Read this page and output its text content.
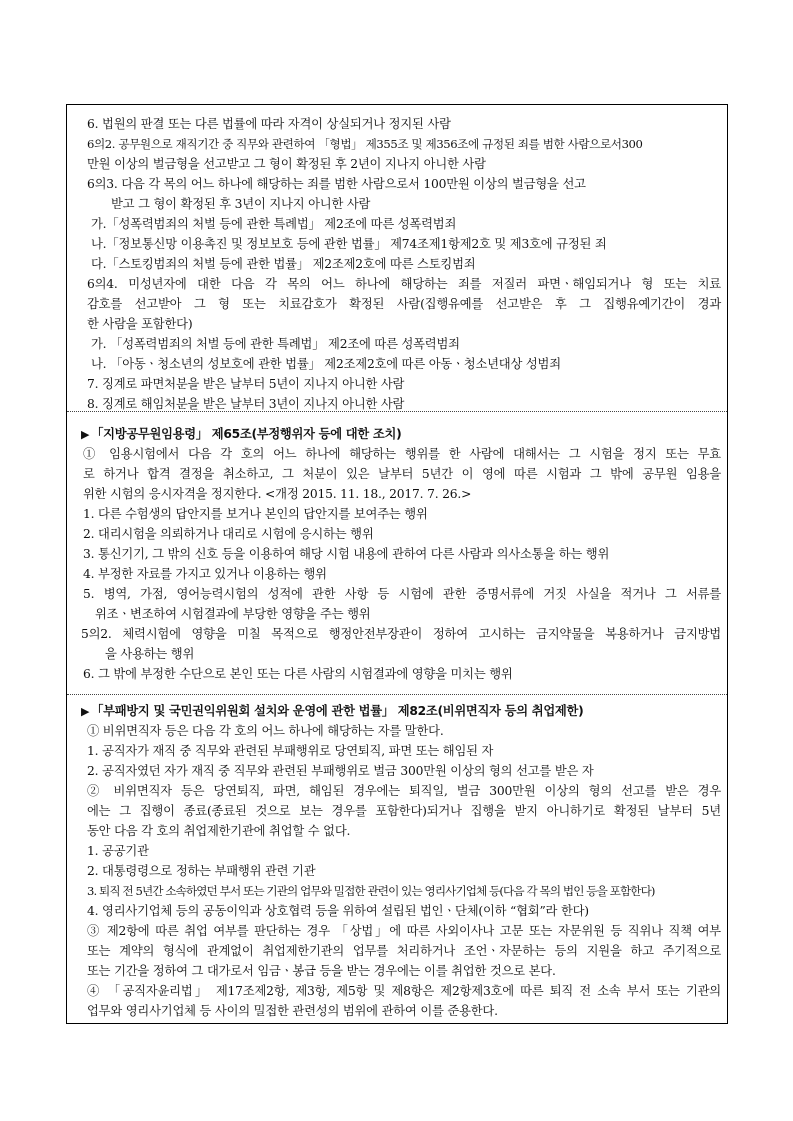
6. 법원의 판결 또는 다른 법률에 따라 자격이 상실되거나 정지된 사람
6의2. 공무원으로 재직기간 중 직무와 관련하여 「형법」 제355조 및 제356조에 규정된 죄를 범한 사람으로서300
만원 이상의 벌금형을 선고받고 그 형이 확정된 후 2년이 지나지 아니한 사람
6의3. 다음 각 목의 어느 하나에 해당하는 죄를 범한 사람으로서 100만원 이상의 벌금형을 선고
받고 그 형이 확정된 후 3년이 지나지 아니한 사람
가.「성폭력범죄의 처벌 등에 관한 특례법」 제2조에 따른 성폭력범죄
나.「정보통신망 이용촉진 및 정보보호 등에 관한 법률」 제74조제1항제2호 및 제3호에 규정된 죄
다.「스토킹범죄의 처벌 등에 관한 법률」 제2조제2호에 따른 스토킹범죄
6의4. 미성년자에 대한 다음 각 목의 어느 하나에 해당하는 죄를 저질러 파면ㆍ해임되거나 형 또는 치료
감호를 선고받아 그 형 또는 치료감호가 확정된 사람(집행유예를 선고받은 후 그 집행유예기간이 경과
한 사람을 포함한다)
가. 「성폭력범죄의 처벌 등에 관한 특례법」 제2조에 따른 성폭력범죄
나. 「아동ㆍ청소년의 성보호에 관한 법률」 제2조제2호에 따른 아동ㆍ청소년대상 성범죄
7. 징계로 파면처분을 받은 날부터 5년이 지나지 아니한 사람
8. 징계로 해임처분을 받은 날부터 3년이 지나지 아니한 사람
▶ 「지방공무원임용령」 제65조(부정행위자 등에 대한 조치)
① 임용시험에서 다음 각 호의 어느 하나에 해당하는 행위를 한 사람에 대해서는 그 시험을 정지 또는 무효
로 하거나 합격 결정을 취소하고, 그 처분이 있은 날부터 5년간 이 영에 따른 시험과 그 밖에 공무원 임용을
위한 시험의 응시자격을 정지한다. <개정 2015. 11. 18., 2017. 7. 26.>
1. 다른 수험생의 답안지를 보거나 본인의 답안지를 보여주는 행위
2. 대리시험을 의뢰하거나 대리로 시험에 응시하는 행위
3. 통신기기, 그 밖의 신호 등을 이용하여 해당 시험 내용에 관하여 다른 사람과 의사소통을 하는 행위
4. 부정한 자료를 가지고 있거나 이용하는 행위
5. 병역, 가점, 영어능력시험의 성적에 관한 사항 등 시험에 관한 증명서류에 거짓 사실을 적거나 그 서류를
위조ㆍ변조하여 시험결과에 부당한 영향을 주는 행위
5의2. 체력시험에 영향을 미칠 목적으로 행정안전부장관이 정하여 고시하는 금지약물을 복용하거나 금지방법
을 사용하는 행위
6. 그 밖에 부정한 수단으로 본인 또는 다른 사람의 시험결과에 영향을 미치는 행위
▶ 「부패방지 및 국민권익위원회 설치와 운영에 관한 법률」 제82조(비위면직자 등의 취업제한)
① 비위면직자 등은 다음 각 호의 어느 하나에 해당하는 자를 말한다.
1. 공직자가 재직 중 직무와 관련된 부패행위로 당연퇴직, 파면 또는 해임된 자
2. 공직자였던 자가 재직 중 직무와 관련된 부패행위로 벌금 300만원 이상의 형의 선고를 받은 자
② 비위면직자 등은 당연퇴직, 파면, 해임된 경우에는 퇴직일, 벌금 300만원 이상의 형의 선고를 받은 경우
에는 그 집행이 종료(종료된 것으로 보는 경우를 포함한다)되거나 집행을 받지 아니하기로 확정된 날부터 5년
동안 다음 각 호의 취업제한기관에 취업할 수 없다.
1. 공공기관
2. 대통령령으로 정하는 부패행위 관련 기관
3. 퇴직 전 5년간 소속하였던 부서 또는 기관의 업무와 밀접한 관련이 있는 영리사기업체 등(다음 각 목의 법인 등을 포함한다)
4. 영리사기업체 등의 공동이익과 상호협력 등을 위하여 설립된 법인ㆍ단체(이하 “협회”라 한다)
③ 제2항에 따른 취업 여부를 판단하는 경우 「상법」에 따른 사외이사나 고문 또는 자문위원 등 직위나 직책 여부
또는 계약의 형식에 관계없이 취업제한기관의 업무를 처리하거나 조언ㆍ자문하는 등의 지원을 하고 주기적으로
또는 기간을 정하여 그 대가로서 임금ㆍ봉급 등을 받는 경우에는 이를 취업한 것으로 본다.
④ 「공직자윤리법」 제17조제2항, 제3항, 제5항 및 제8항은 제2항제3호에 따른 퇴직 전 소속 부서 또는 기관의
업무와 영리사기업체 등 사이의 밀접한 관련성의 범위에 관하여 이를 준용한다.
